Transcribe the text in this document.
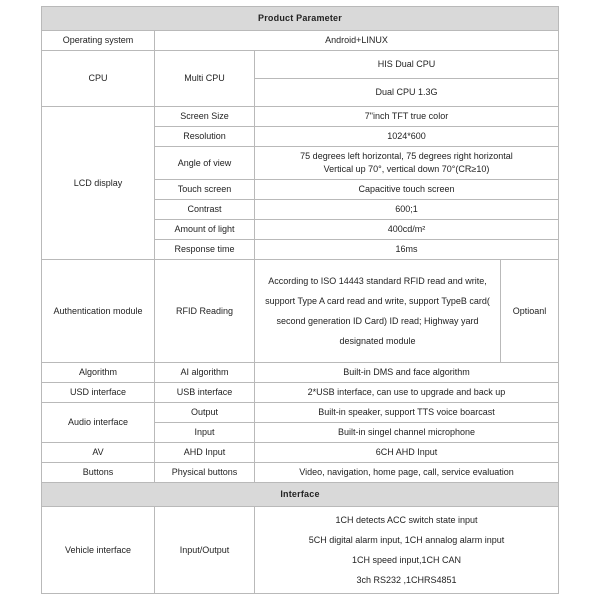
Product Parameter			
Operating system	Android+LINUX		
CPU	Multi CPU	HIS Dual CPU	
		Dual CPU 1.3G	
LCD display	Screen Size	7"inch TFT true color	
	Resolution	1024*600	
	Angle of view	75 degrees left horizontal, 75 degrees right horizontal
Vertical up 70°, vertical down 70°(CR≥10)	

	Touch screen	Capacitive touch screen	
	Contrast	600;1	
	Amount of light	400cd/m²	
	Response time	16ms	
Authentication module	RFID Reading	According to ISO 14443 standard RFID read and write, support Type A card read and write, support TypeB card( second generation ID Card) ID read; Highway yard designated module	Optioanl
Algorithm	AI algorithm	Built-in DMS and face algorithm	
USD interface	USB interface	2*USB interface, can use to upgrade and back up	
Audio interface	Output	Built-in speaker, support TTS voice boarcast	
	Input	Built-in singel channel microphone	
AV	AHD Input	6CH AHD Input	
Buttons	Physical buttons	Video, navigation, home page, call, service evaluation	
Interface			
Vehicle interface	Input/Output	1CH detects ACC switch state input
5CH digital alarm input, 1CH annalog alarm input
1CH speed input,1CH CAN
3ch RS232 ,1CHRS4851	
